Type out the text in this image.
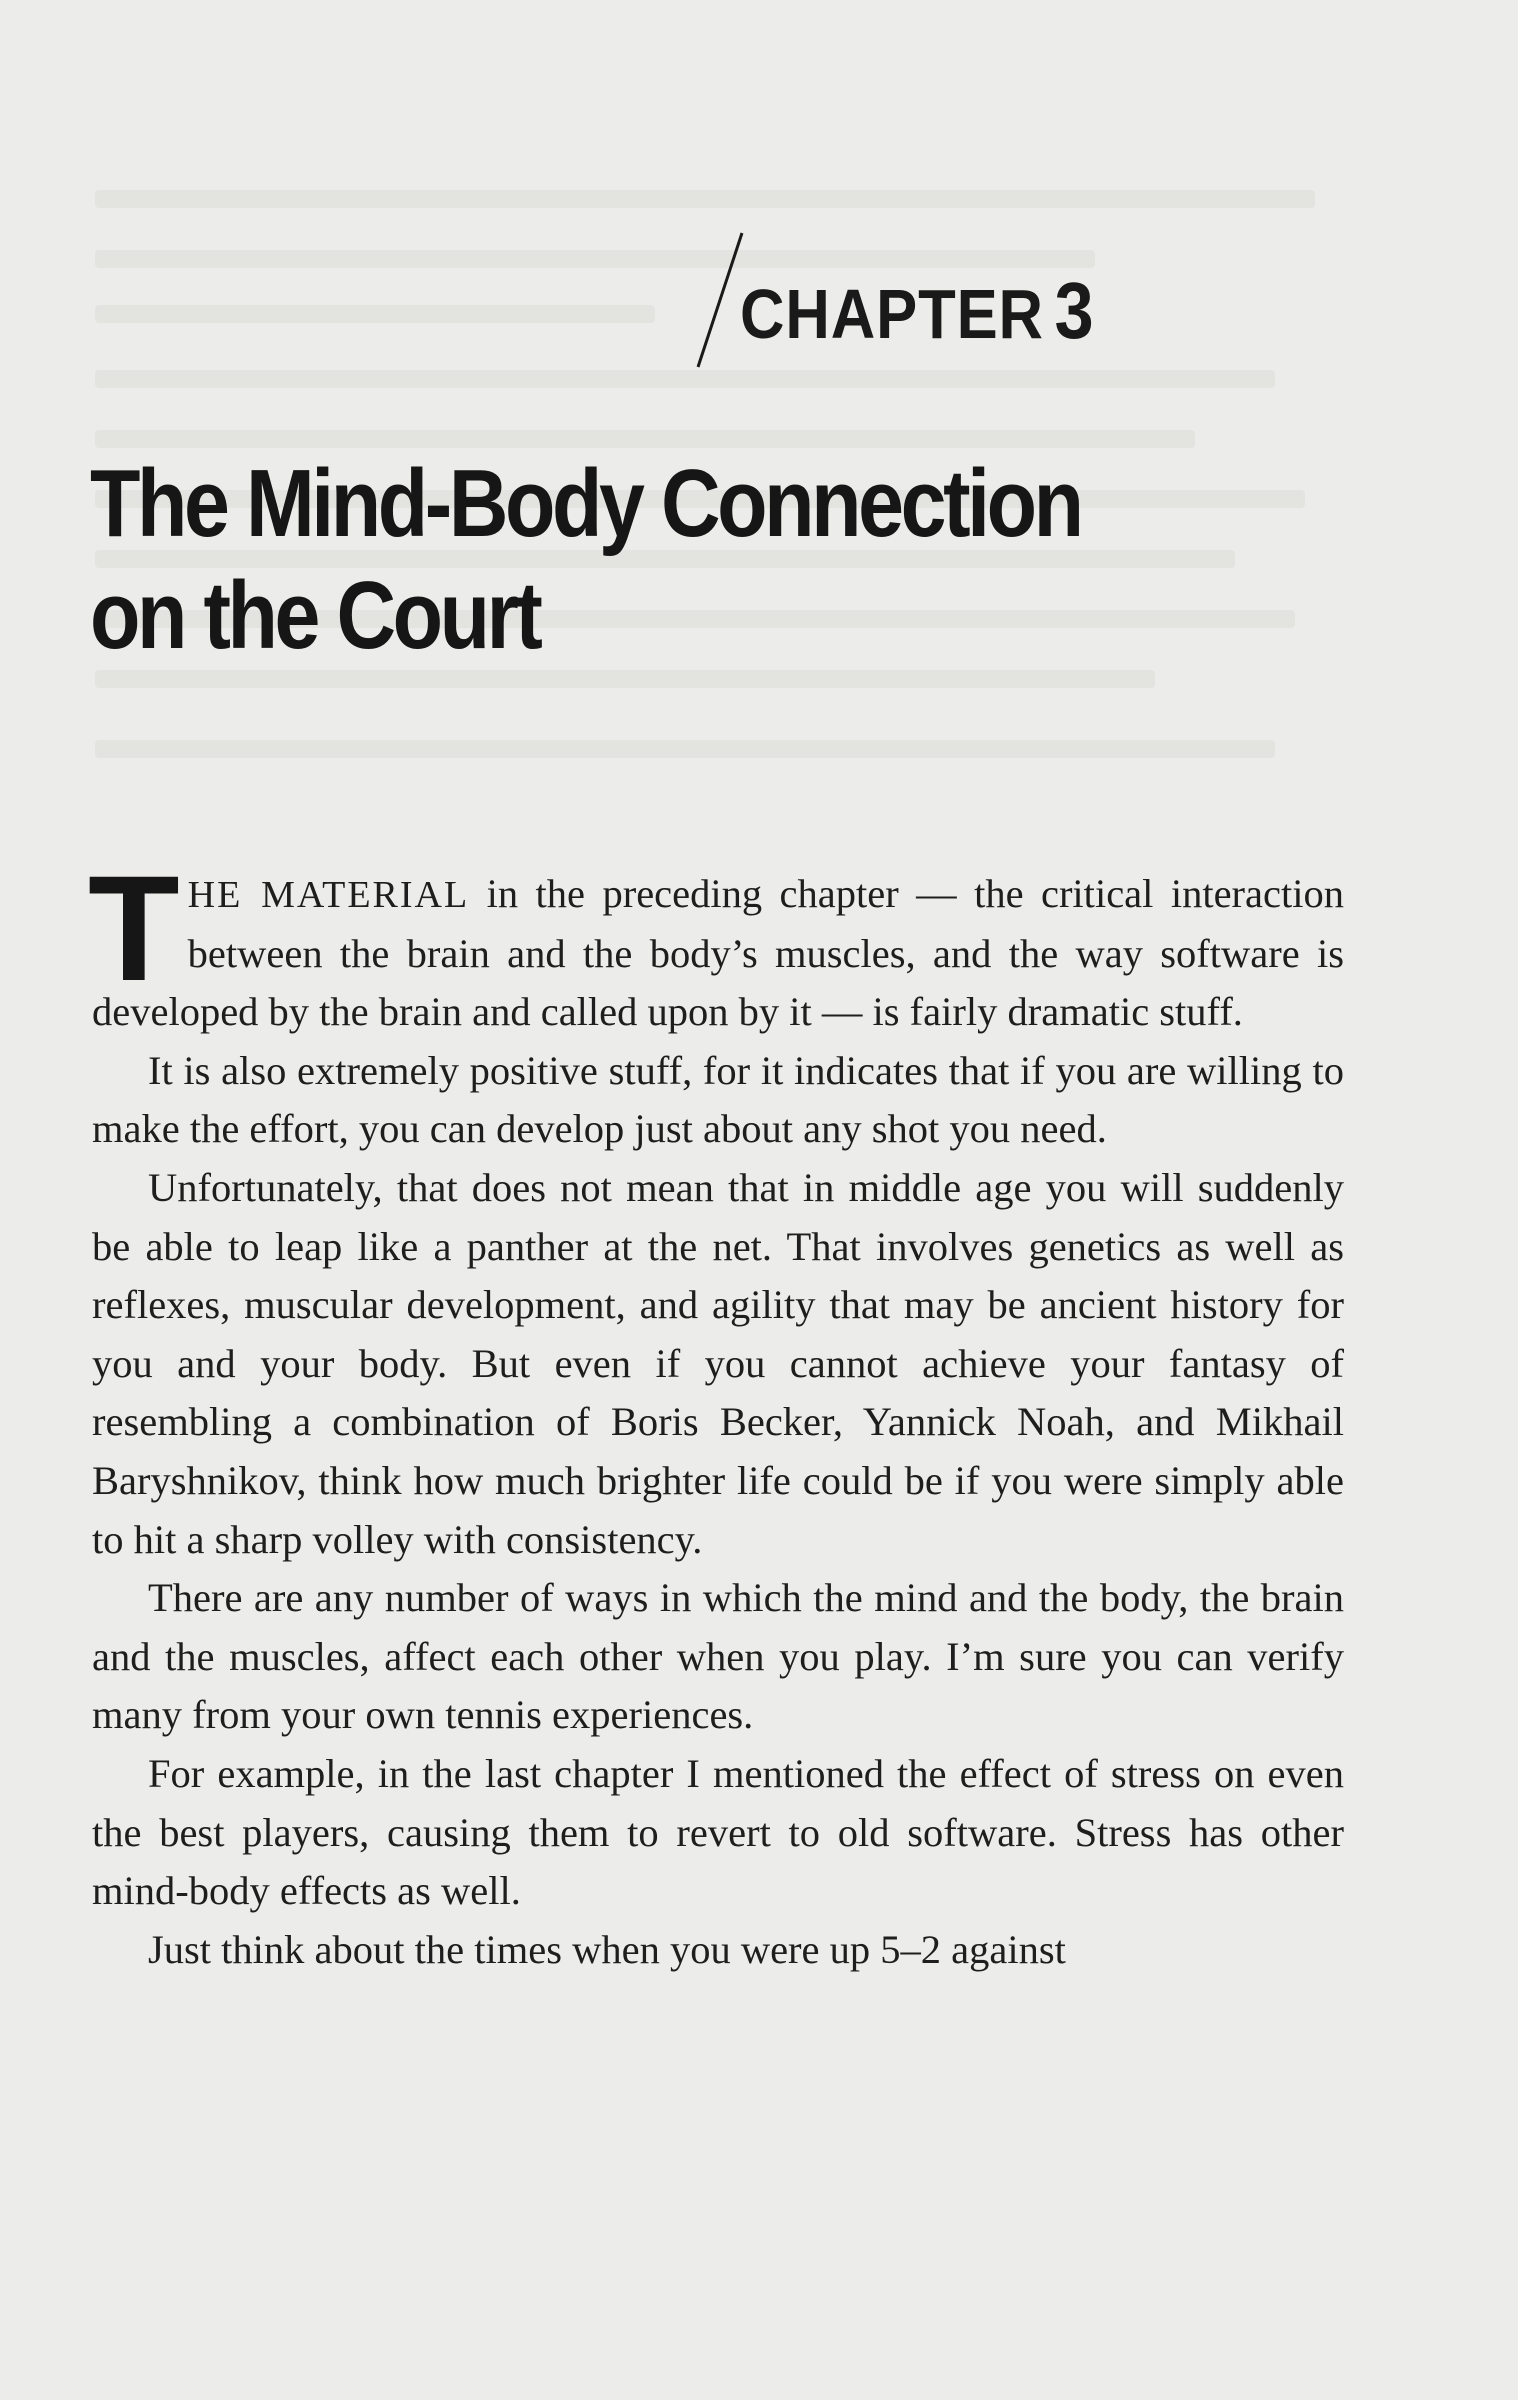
CHAPTER 3
The Mind-Body Connection
on the Court

THE MATERIAL in the preceding chapter — the critical interaction between the brain and the body’s muscles, and the way software is developed by the brain and called upon by it — is fairly dramatic stuff.

It is also extremely positive stuff, for it indicates that if you are willing to make the effort, you can develop just about any shot you need.

Unfortunately, that does not mean that in middle age you will suddenly be able to leap like a panther at the net. That involves genetics as well as reflexes, muscular development, and agility that may be ancient history for you and your body. But even if you cannot achieve your fantasy of resembling a combination of Boris Becker, Yannick Noah, and Mikhail Baryshnikov, think how much brighter life could be if you were simply able to hit a sharp volley with consistency.

There are any number of ways in which the mind and the body, the brain and the muscles, affect each other when you play. I’m sure you can verify many from your own tennis experiences.

For example, in the last chapter I mentioned the effect of stress on even the best players, causing them to revert to old software. Stress has other mind-body effects as well.

Just think about the times when you were up 5–2 against
